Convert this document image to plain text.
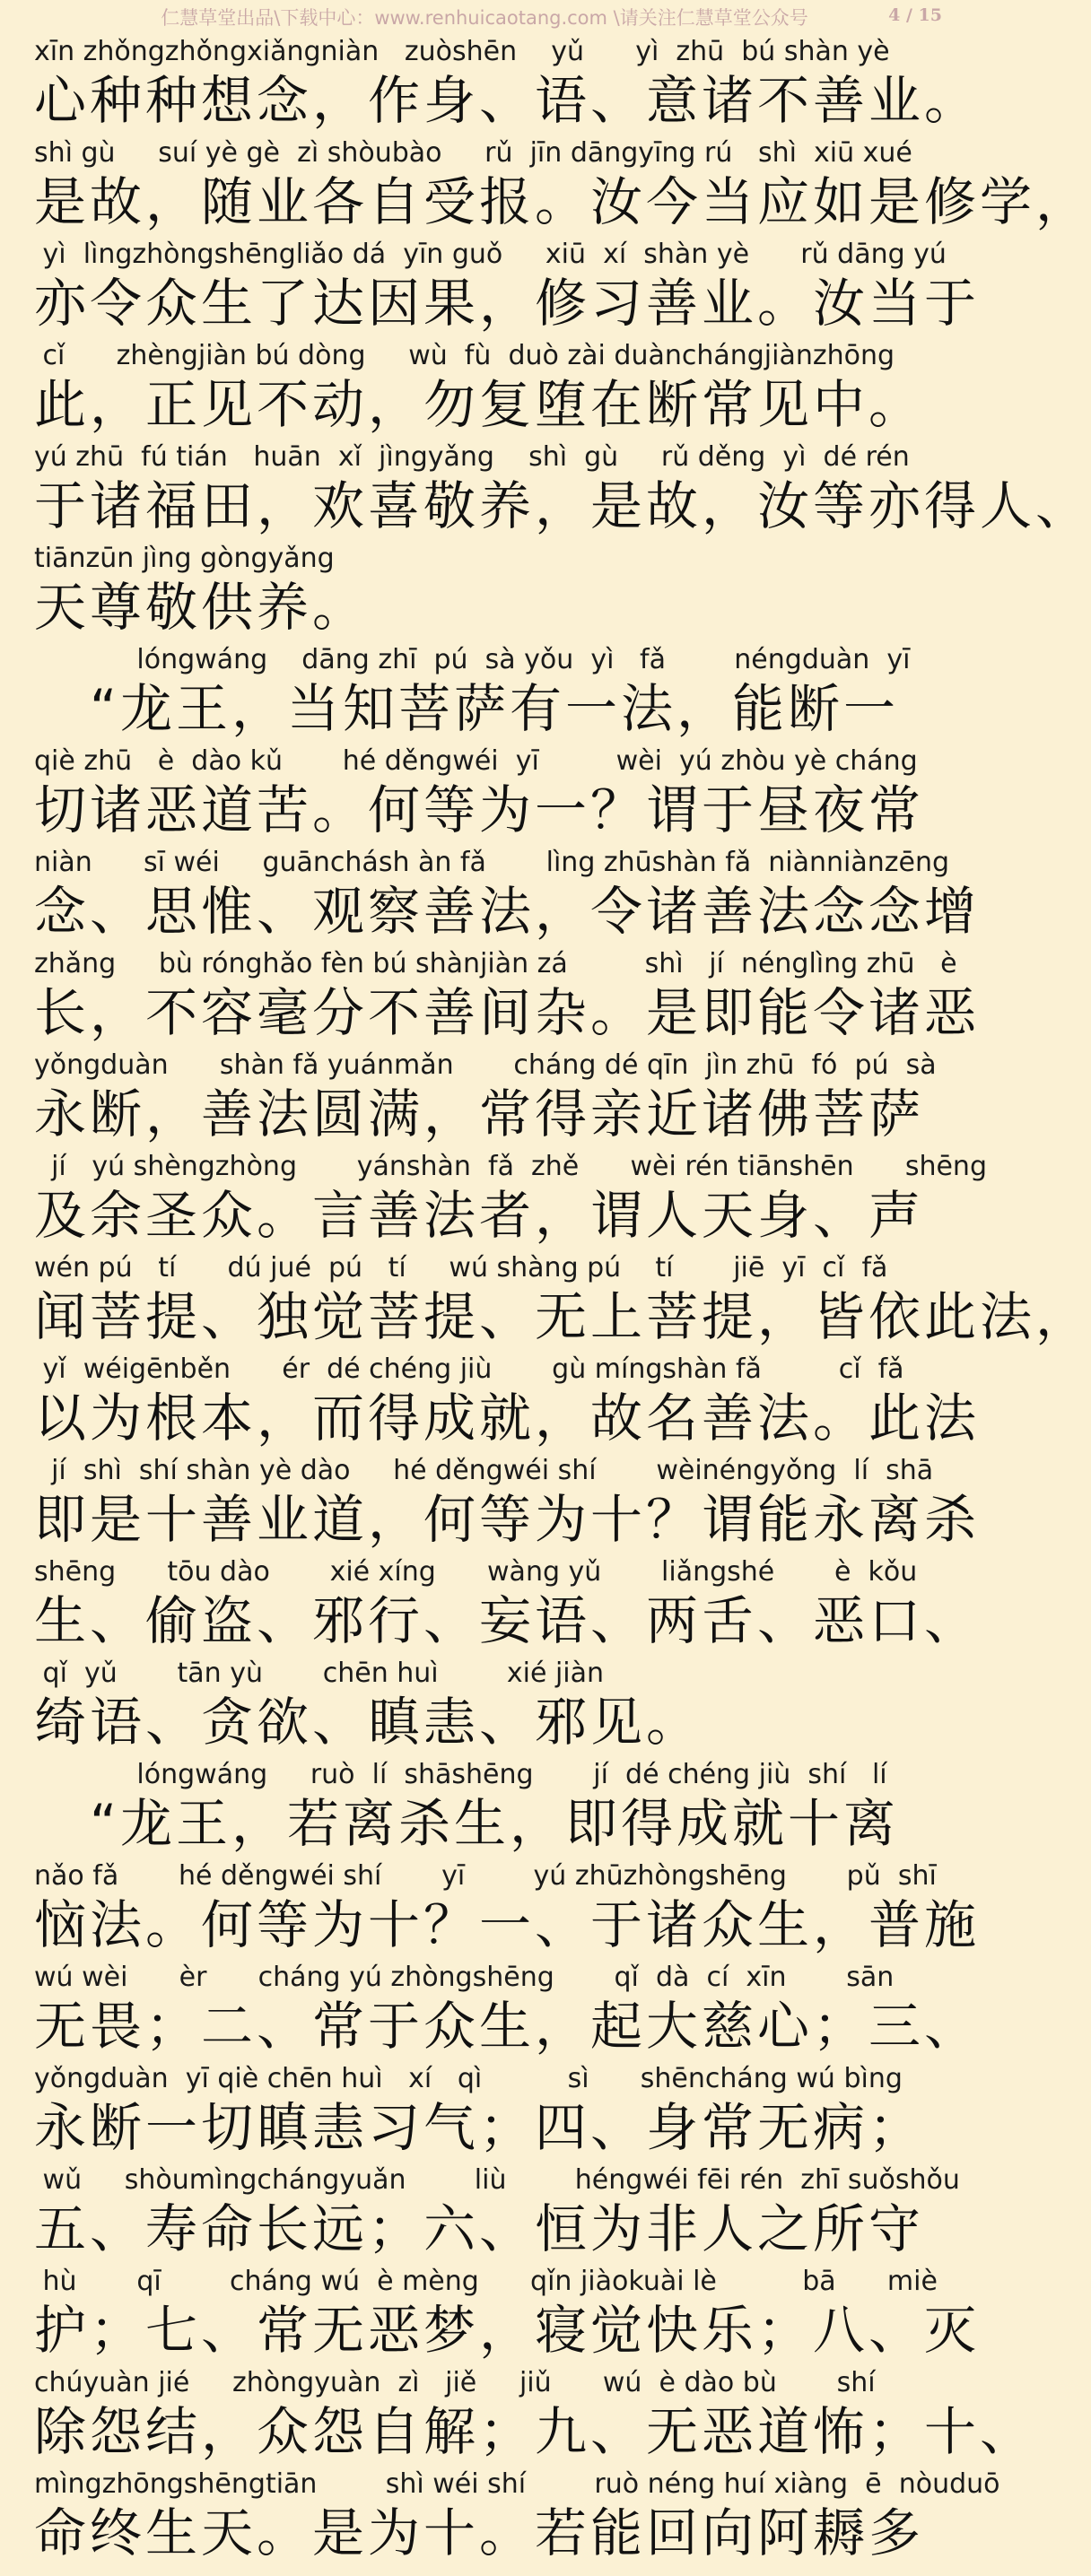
仁慧草堂出品\下载中心：www.renhuicaotang.com \请关注仁慧草堂公众号	4 / 15
xīn zhǒngzhǒngxiǎngniàn   zuòshēn    yǔ      yì  zhū  bú shàn yè
心种种想念，作身、语、意诸不善业。
shì gù     suí yè gè  zì shòubào     rǔ  jīn dāngyīng rú   shì  xiū xué
是故，随业各自受报。汝今当应如是修学，
yì  lìngzhòngshēngliǎo dá  yīn guǒ     xiū  xí  shàn yè      rǔ dāng yú
亦令众生了达因果，修习善业。汝当于
cǐ      zhèngjiàn bú dòng     wù  fù  duò zài duànchángjiànzhōng
此，正见不动，勿复堕在断常见中。
yú zhū  fú tián   huān  xǐ  jìngyǎng    shì  gù     rǔ děng  yì  dé rén
于诸福田，欢喜敬养，是故，汝等亦得人、
tiānzūn jìng gòngyǎng
天尊敬供养。
lóngwáng    dāng zhī  pú  sà yǒu  yì   fǎ        néngduàn  yī
　“龙王，当知菩萨有一法，能断一
qiè zhū   è  dào kǔ       hé děngwéi  yī         wèi  yú zhòu yè cháng
切诸恶道苦。何等为一？谓于昼夜常
niàn      sī wéi     guānchásh àn fǎ       lìng zhūshàn fǎ  niànniànzēng
念、思惟、观察善法，令诸善法念念增
zhǎng     bù rónghǎo fèn bú shànjiàn zá         shì   jí  nénglìng zhū   è
长，不容毫分不善间杂。是即能令诸恶
yǒngduàn      shàn fǎ yuánmǎn       cháng dé qīn  jìn zhū  fó  pú  sà
永断，善法圆满，常得亲近诸佛菩萨
jí   yú shèngzhòng       yánshàn  fǎ  zhě      wèi rén tiānshēn      shēng
及余圣众。言善法者，谓人天身、声
wén pú   tí      dú jué  pú   tí     wú shàng pú    tí       jiē  yī  cǐ  fǎ
闻菩提、独觉菩提、无上菩提，皆依此法，
yǐ  wéigēnběn      ér  dé chéng jiù       gù míngshàn fǎ         cǐ  fǎ
以为根本，而得成就，故名善法。此法
jí  shì  shí shàn yè dào     hé děngwéi shí       wèinéngyǒng  lí  shā
即是十善业道，何等为十？谓能永离杀
shēng      tōu dào       xié xíng      wàng yǔ       liǎngshé       è  kǒu
生、偷盗、邪行、妄语、两舌、恶口、
qǐ  yǔ       tān yù       chēn huì        xié jiàn
绮语、贪欲、瞋恚、邪见。
lóngwáng     ruò  lí  shāshēng       jí  dé chéng jiù  shí   lí
　“龙王，若离杀生，即得成就十离
nǎo fǎ       hé děngwéi shí       yī        yú zhūzhòngshēng       pǔ  shī
恼法。何等为十？一、于诸众生，普施
wú wèi      èr      cháng yú zhòngshēng       qǐ  dà  cí  xīn       sān
无畏；二、常于众生，起大慈心；三、
yǒngduàn  yī qiè chēn huì   xí   qì          sì      shēncháng wú bìng
永断一切瞋恚习气；四、身常无病；
wǔ     shòumìngchángyuǎn        liù        héngwéi fēi rén  zhī suǒshǒu
五、寿命长远；六、恒为非人之所守
hù       qī        cháng wú  è mèng      qǐn jiàokuài lè          bā      miè
护；七、常无恶梦，寝觉快乐；八、灭
chúyuàn jié     zhòngyuàn  zì   jiě     jiǔ      wú  è dào bù       shí
除怨结，众怨自解；九、无恶道怖；十、
mìngzhōngshēngtiān        shì wéi shí        ruò néng huí xiàng  ē  nòuduō
命终生天。是为十。若能回向阿耨多
